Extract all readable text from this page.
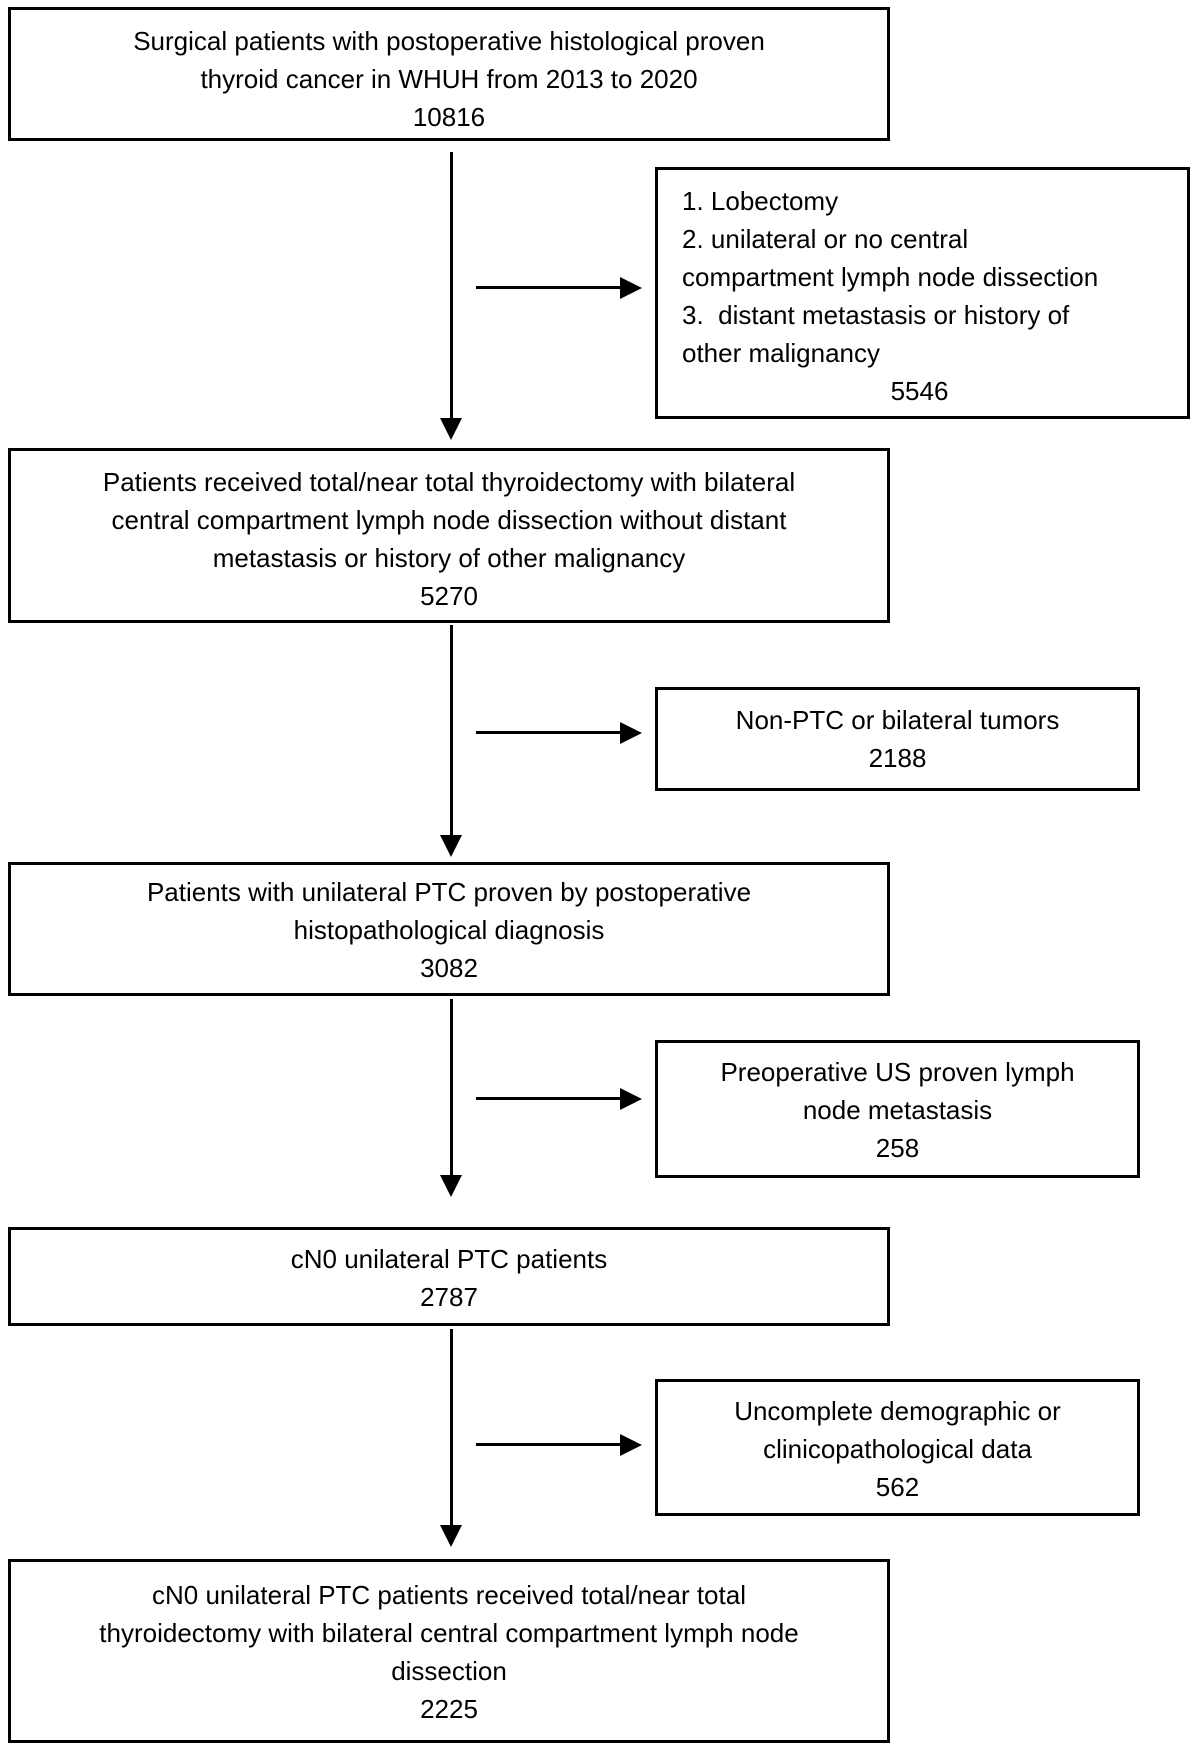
Surgical patients with postoperative histological proven
thyroid cancer in WHUH from 2013 to 2020
10816
1. Lobectomy
2. unilateral or no central
compartment lymph node dissection
3.  distant metastasis or history of
other malignancy
5546
Patients received total/near total thyroidectomy with bilateral
central compartment lymph node dissection without distant
metastasis or history of other malignancy
5270
Non-PTC or bilateral tumors
2188
Patients with unilateral PTC proven by postoperative
histopathological diagnosis
3082
Preoperative US proven lymph
node metastasis
258
cN0 unilateral PTC patients
2787
Uncomplete demographic or
clinicopathological data
562
cN0 unilateral PTC patients received total/near total
thyroidectomy with bilateral central compartment lymph node
dissection
2225
